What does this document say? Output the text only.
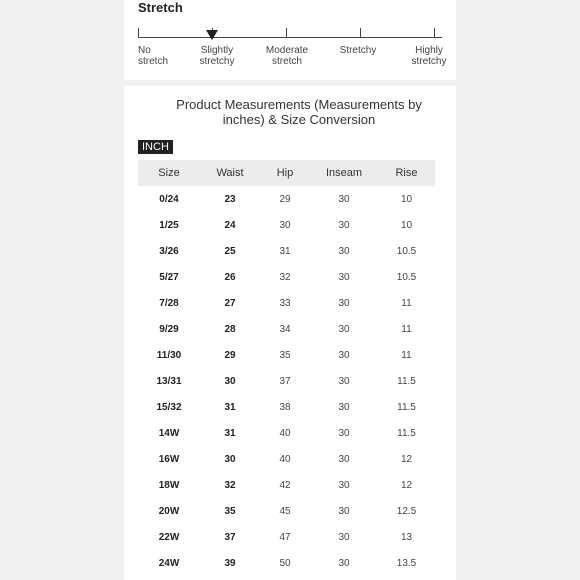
Stretch
No
stretch
Slightly
stretchy
Moderate
stretch
Stretchy	Highly
stretchy
Product Measurements (Measurements by
inches) & Size Conversion
INCH
Size	Waist	Hip	Inseam	Rise
0/24	23	29	30	10
1/25	24	30	30	10
3/26	25	31	30	10.5
5/27	26	32	30	10.5
7/28	27	33	30	11
9/29	28	34	30	11
11/30	29	35	30	11
13/31	30	37	30	11.5
15/32	31	38	30	11.5
14W	31	40	30	11.5
16W	30	40	30	12
18W	32	42	30	12
20W	35	45	30	12.5
22W	37	47	30	13
24W	39	50	30	13.5
